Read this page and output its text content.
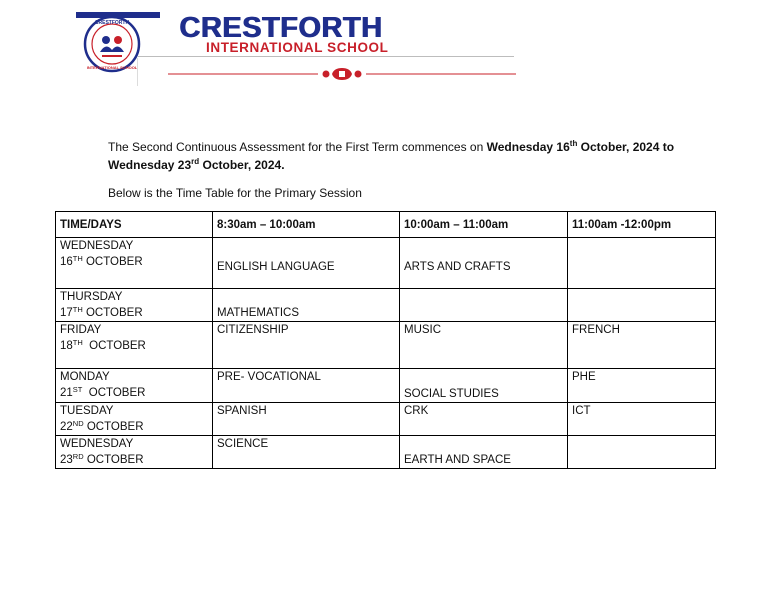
CRESTFORTH
INTERNATIONAL SCHOOL
CRESTFORTH
INTERNATIONAL SCHOOL
The Second Continuous Assessment for the First Term commences on Wednesday 16th October, 2024 to
Wednesday 23rd October, 2024.
Below is the Time Table for the Primary Session
TIME/DAYS	8:30am – 10:00am	10:00am – 11:00am	11:00am -12:00pm

WEDNESDAY
16TH OCTOBER	ENGLISH LANGUAGE	ARTS AND CRAFTS	

THURSDAY
17TH OCTOBER	MATHEMATICS		

FRIDAY
18TH  OCTOBER	CITIZENSHIP	MUSIC	FRENCH

MONDAY
21ST  OCTOBER	PRE- VOCATIONAL	SOCIAL STUDIES	PHE

TUESDAY
22ND OCTOBER	SPANISH	CRK	ICT

WEDNESDAY
23RD OCTOBER	SCIENCE	EARTH AND SPACE	
